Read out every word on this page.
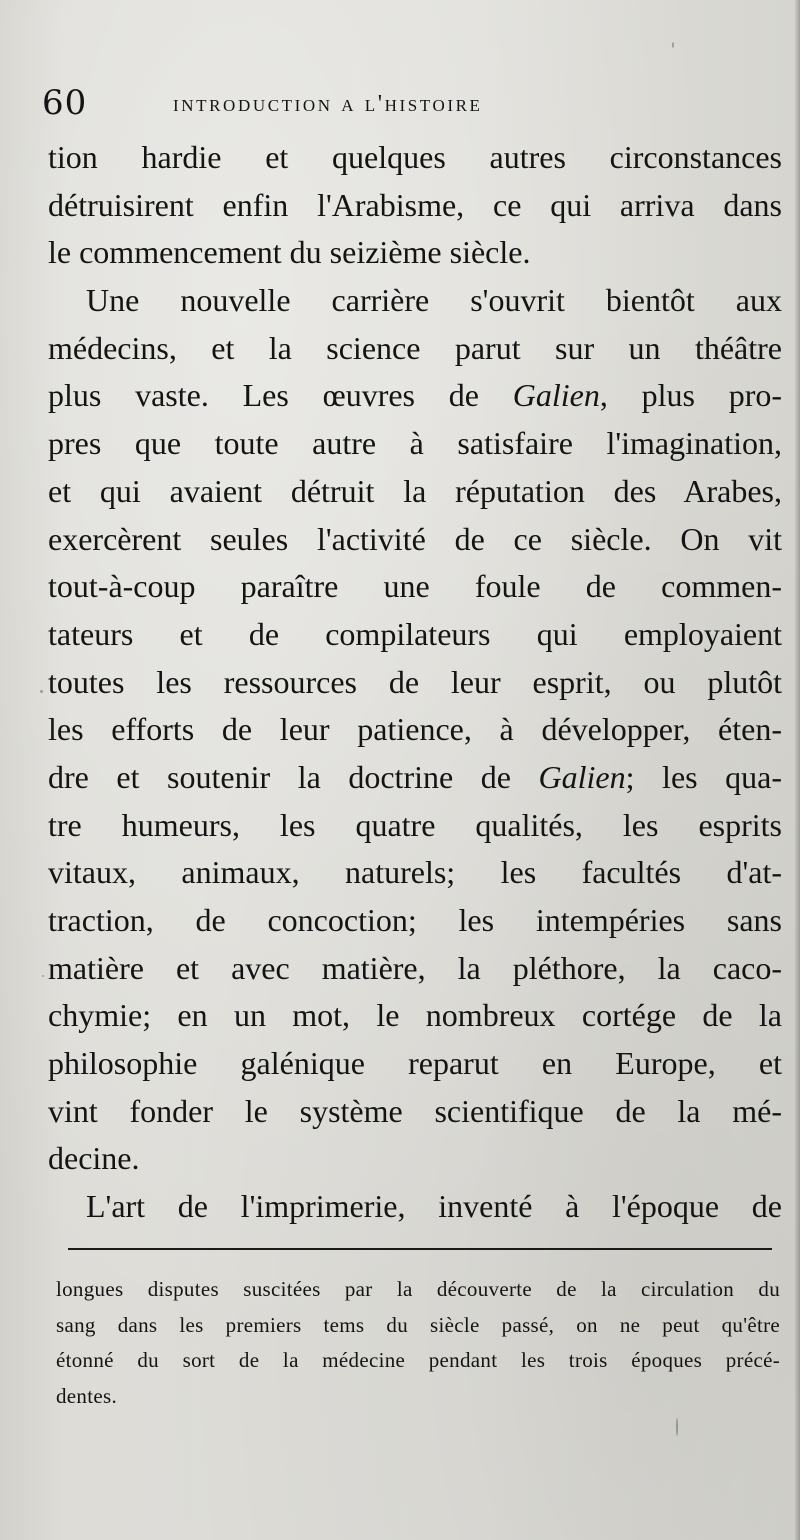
60	introduction a l'histoire
tion hardie et quelques autres circonstances
détruisirent enfin l'Arabisme, ce qui arriva dans
le commencement du seizième siècle.
Une nouvelle carrière s'ouvrit bientôt aux
médecins, et la science parut sur un théâtre
plus vaste. Les œuvres de Galien, plus pro-
pres que toute autre à satisfaire l'imagination,
et qui avaient détruit la réputation des Arabes,
exercèrent seules l'activité de ce siècle. On vit
tout-à-coup paraître une foule de commen-
tateurs et de compilateurs qui employaient
toutes les ressources de leur esprit, ou plutôt
les efforts de leur patience, à développer, éten-
dre et soutenir la doctrine de Galien; les qua-
tre humeurs, les quatre qualités, les esprits
vitaux, animaux, naturels; les facultés d'at-
traction, de concoction; les intempéries sans
matière et avec matière, la pléthore, la caco-
chymie; en un mot, le nombreux cortége de la
philosophie galénique reparut en Europe, et
vint fonder le système scientifique de la mé-
decine.
L'art de l'imprimerie, inventé à l'époque de
longues disputes suscitées par la découverte de la circulation du
sang dans les premiers tems du siècle passé, on ne peut qu'être
étonné du sort de la médecine pendant les trois époques précé-
dentes.
